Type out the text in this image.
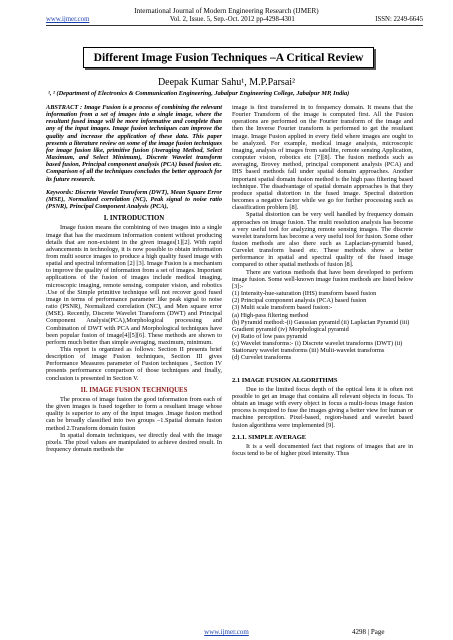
International Journal of Modern Engineering Research (IJMER)
www.ijmer.com	Vol. 2, Issue. 5, Sep.-Oct. 2012 pp-4298-4301	ISSN: 2249-6645
Different Image Fusion Techniques –A Critical Review
Deepak Kumar Sahu¹, M.P.Parsai²
¹, ² (Department of Electronics & Communication Engineering, Jabalpur Engineering College, Jabalpur MP, India)

ABSTRACT : Image Fusion is a process of combining the relevant information from a set of images into a single image, where the resultant fused image will be more informative and complete than any of the input images. Image fusion techniques can improve the quality and increase the application of these data. This paper presents a literature review on some of the image fusion techniques for image fusion like, primitive fusion (Averaging Method, Select Maximum, and Select Minimum), Discrete Wavelet transform based fusion, Principal component analysis (PCA) based fusion etc. Comparison of all the techniques concludes the better approach for its future research.

Keywords: Discrete Wavelet Transform (DWT), Mean Square Error (MSE), Normalized correlation (NC), Peak signal to noise ratio (PSNR), Principal Component Analysis (PCA),

I. INTRODUCTION

Image fusion means the combining of two images into a single image that has the maximum information content without producing details that are non-existent in the given images[1][2]. With rapid advancements in technology, it is now possible to obtain information from multi source images to produce a high quality fused image with spatial and spectral information [2] [3]. Image Fusion is a mechanism to improve the quality of information from a set of images. Important applications of the fusion of images include medical imaging, microscopic imaging, remote sensing, computer vision, and robotics .Use of the Simple primitive technique will not recover good fused image in terms of performance parameter like peak signal to noise ratio (PSNR), Normalized correlation (NC), and Men square error (MSE). Recently, Discrete Wavelet Transform (DWT) and Principal Component Analysis(PCA),Morphological processing and Combination of DWT with PCA and Morphological techniques have been popular fusion of image[4][5][6]. These methods are shown to perform much better than simple averaging, maximum, minimum.

This report is organized as follows: Section II presents brief description of image Fusion techniques, Section III gives Performance Measures parameter of Fusion techniques , Section IV presents performance comparison of those techniques and finally, conclusion is presented in Section V.

II. IMAGE FUSION TECHNIQUES

The process of image fusion the good information from each of the given images is fused together to form a resultant image whose quality is superior to any of the input images .Image fusion method can be broadly classified into two groups –1.Spatial domain fusion method 2.Transform domain fusion

In spatial domain techniques, we directly deal with the image pixels. The pixel values are manipulated to achieve desired result. In frequency domain methods the

image is first transferred in to frequency domain. It means that the Fourier Transform of the image is computed first. All the Fusion operations are performed on the Fourier transform of the image and then the Inverse Fourier transform is performed to get the resultant image. Image Fusion applied in every field where images are ought to be analyzed. For example, medical image analysis, microscopic imaging, analysis of images from satellite, remote sensing Application, computer vision, robotics etc [7][8]. The fusion methods such as averaging, Brovey method, principal component analysis (PCA) and IHS based methods fall under spatial domain approaches. Another important spatial domain fusion method is the high pass filtering based technique. The disadvantage of spatial domain approaches is that they produce spatial distortion in the fused image. Spectral distortion becomes a negative factor while we go for further processing such as classification problem [8].

Spatial distortion can be very well handled by frequency domain approaches on image fusion. The multi resolution analysis has become a very useful tool for analyzing remote sensing images. The discrete wavelet transform has become a very useful tool for fusion. Some other fusion methods are also there such as Laplacian-pyramid based, Curvelet transform based etc. These methods show a better performance in spatial and spectral quality of the fused image compared to other spatial methods of fusion [8].

There are various methods that have been developed to perform image fusion. Some well-known image fusion methods are listed below [3]:-

(1) Intensity-hue-saturation (IHS) transform based fusion

(2) Principal component analysis (PCA) based fusion

(3) Multi scale transform based fusion:-

(a) High-pass filtering method

(b) Pyramid method:-(i) Gaussian pyramid (ii) Laplacian Pyramid (iii) Gradient pyramid (iv) Morphological pyramid

(v) Ratio of low pass pyramid

(c) Wavelet transforms:- (i) Discrete wavelet transforms (DWT) (ii) Stationary wavelet transforms (iii) Multi-wavelet transforms

(d) Curvelet transforms

2.1 IMAGE FUSION ALGORITHMS

Due to the limited focus depth of the optical lens it is often not possible to get an image that contains all relevant objects in focus. To obtain an image with every object in focus a multi-focus image fusion process is required to fuse the images giving a better view for human or machine perception. Pixel-based, region-based and wavelet based fusion algorithms were implemented [9].

2.1.1. SIMPLE AVERAGE

It is a well documented fact that regions of images that are in focus tend to be of higher pixel intensity. Thus

www.ijmer.com	4298 | Page
